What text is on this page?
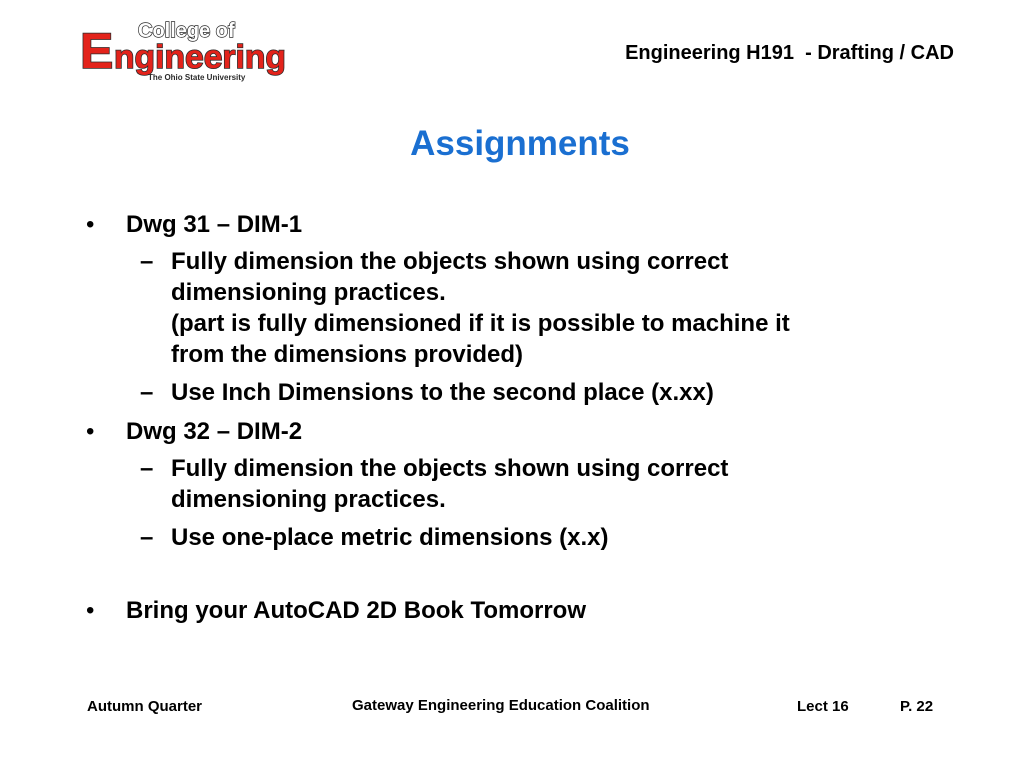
College of
E ngineering
The Ohio State University
Engineering H191  - Drafting / CAD
Assignments
• Dwg 31 – DIM-1
– Fully dimension the objects shown using correct
dimensioning practices.
(part is fully dimensioned if it is possible to machine it
from the dimensions provided)
– Use Inch Dimensions to the second place (x.xx)
• Dwg 32 – DIM-2
– Fully dimension the objects shown using correct
dimensioning practices.
– Use one-place metric dimensions (x.x)
• Bring your AutoCAD 2D Book Tomorrow
Autumn Quarter	Gateway Engineering Education Coalition	Lect 16	P. 22
